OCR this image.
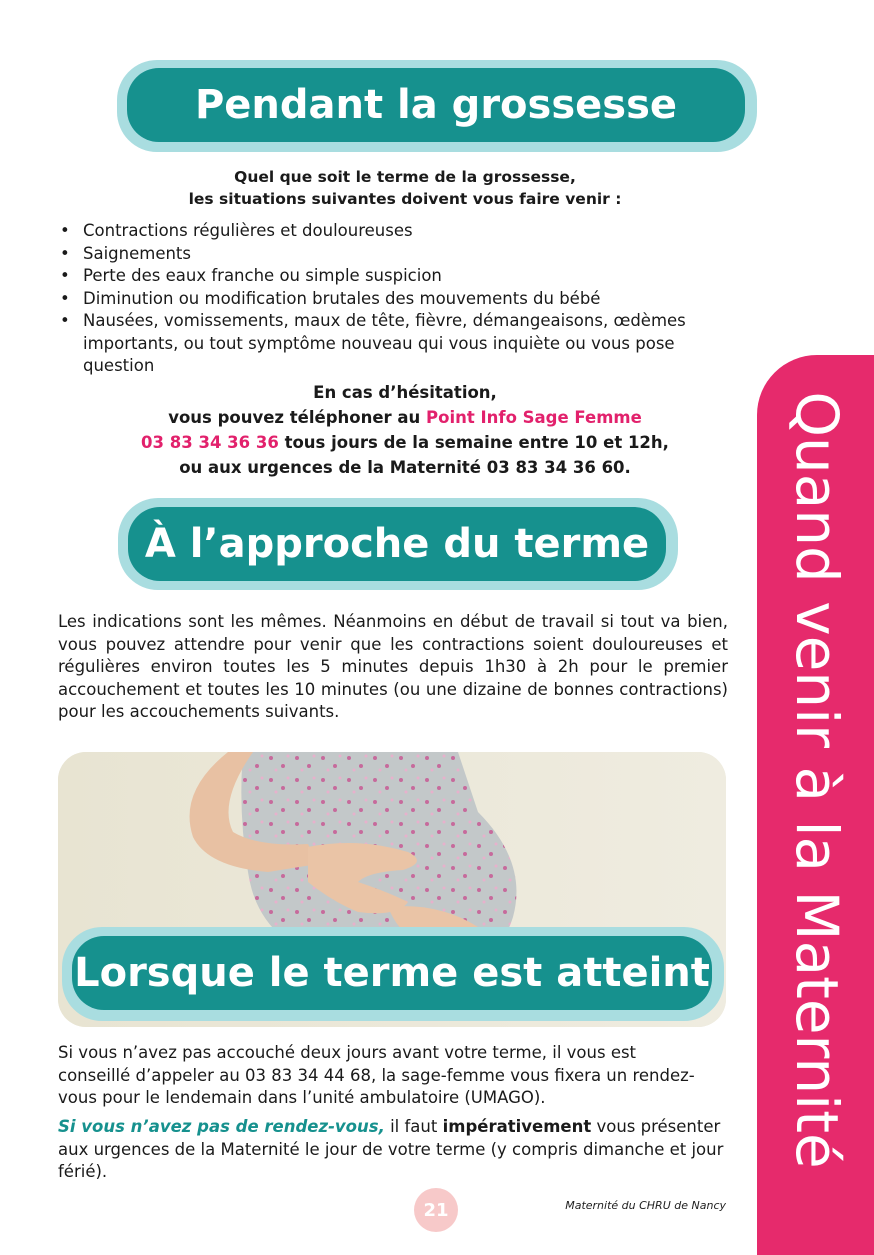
Pendant la grossesse
Quel que soit le terme de la grossesse,
les situations suivantes doivent vous faire venir :
• Contractions régulières et douloureuses
• Saignements
• Perte des eaux franche ou simple suspicion
• Diminution ou modification brutales des mouvements du bébé
• Nausées, vomissements, maux de tête, fièvre, démangeaisons, œdèmes importants, ou tout symptôme nouveau qui vous inquiète ou vous pose question
En cas d’hésitation,
vous pouvez téléphoner au Point Info Sage Femme
03 83 34 36 36 tous jours de la semaine entre 10 et 12h,
ou aux urgences de la Maternité 03 83 34 36 60.
À l’approche du terme
Les indications sont les mêmes. Néanmoins en début de travail si tout va bien, vous pouvez attendre pour venir que les contractions soient douloureuses et régulières environ toutes les 5 minutes depuis 1h30 à 2h pour le premier accouchement et toutes les 10 minutes (ou une dizaine de bonnes contractions) pour les accouchements suivants.
Lorsque le terme est atteint
Si vous n’avez pas accouché deux jours avant votre terme, il vous est conseillé d’appeler au 03 83 34 44 68, la sage-femme vous fixera un rendez-vous pour le lendemain dans l’unité ambulatoire (UMAGO).
Si vous n’avez pas de rendez-vous, il faut impérativement vous présenter aux urgences de la Maternité le jour de votre terme (y compris dimanche et jour férié).
Quand venir à la Maternité
21	Maternité du CHRU de Nancy
